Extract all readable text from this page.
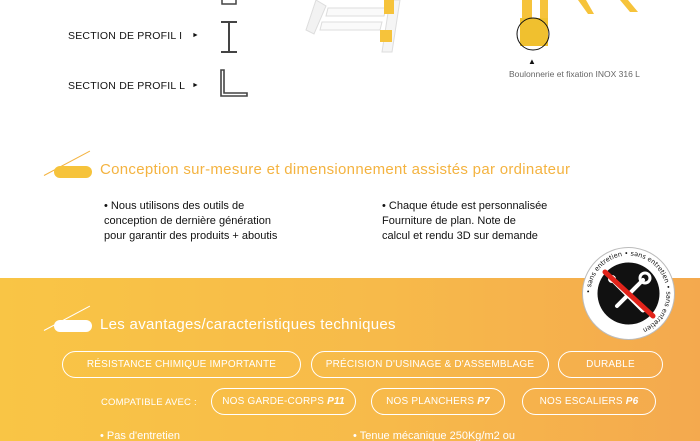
▲
Boulonnerie et fixation INOX 316 L
SECTION DE PROFIL I ►
SECTION DE PROFIL L ►
Conception sur-mesure et dimensionnement assistés par ordinateur
• Nous utilisons des outils de
conception de dernière génération
pour garantir des produits + aboutis
• Chaque étude est personnalisée
Fourniture de plan. Note de
calcul et rendu 3D sur demande
Les avantages/caracteristiques techniques
RÉSISTANCE CHIMIQUE IMPORTANTE	PRÉCISION D'USINAGE & D'ASSEMBLAGE	DURABLE
COMPATIBLE AVEC :	NOS GARDE-CORPS P11	NOS PLANCHERS P7	NOS ESCALIERS P6
• Pas d'entretien	• Tenue mécanique 250Kg/m2 ou
• sans entretien • sans entretien • sans entretien
